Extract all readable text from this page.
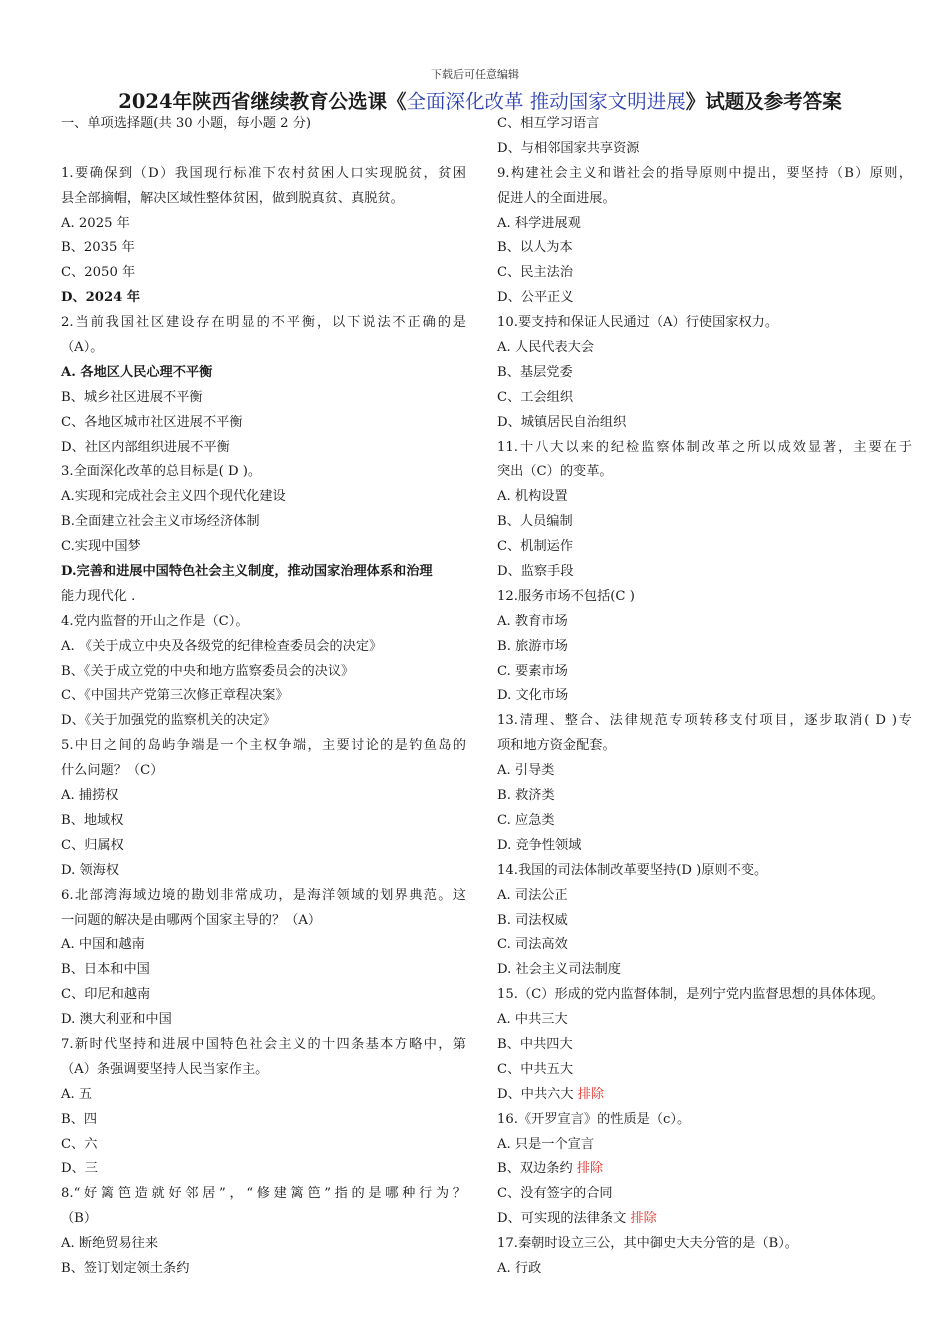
下载后可任意编辑
2024年陕西省继续教育公选课《全面深化改革 推动国家文明进展》试题及参考答案
一、单项选择题(共 30 小题，每小题 2 分)
1.要确保到（D）我国现行标准下农村贫困人口实现脱贫，贫困
县全部摘帽，解决区域性整体贫困，做到脱真贫、真脱贫。
A. 2025 年
B、2035 年
C、2050 年
D、2024 年
2.当前我国社区建设存在明显的不平衡，以下说法不正确的是
（A）。
A. 各地区人民心理不平衡
B、城乡社区进展不平衡
C、各地区城市社区进展不平衡
D、社区内部组织进展不平衡
3.全面深化改革的总目标是( D )。
A.实现和完成社会主义四个现代化建设
B.全面建立社会主义市场经济体制
C.实现中国梦
D.完善和进展中国特色社会主义制度，推动国家治理体系和治理
能力现代化 .
4.党内监督的开山之作是（C）。
A. 《关于成立中央及各级党的纪律检查委员会的决定》
B、《关于成立党的中央和地方监察委员会的决议》
C、《中国共产党第三次修正章程决案》
D、《关于加强党的监察机关的决定》
5.中日之间的岛屿争端是一个主权争端，主要讨论的是钓鱼岛的
什么问题？（C）
A. 捕捞权
B、地域权
C、归属权
D. 领海权
6.北部湾海域边境的勘划非常成功，是海洋领域的划界典范。这
一问题的解决是由哪两个国家主导的？（A）
A. 中国和越南
B、日本和中国
C、印尼和越南
D. 澳大利亚和中国
7.新时代坚持和进展中国特色社会主义的十四条基本方略中，第
（A）条强调要坚持人民当家作主。
A. 五
B、四
C、六
D、三
8.“好篱笆造就好邻居”，“修建篱笆”指的是哪种行为？
（B）
A. 断绝贸易往来
B、签订划定领土条约
C、相互学习语言
D、与相邻国家共享资源
9.构建社会主义和谐社会的指导原则中提出，要坚持（B）原则，
促进人的全面进展。
A. 科学进展观
B、以人为本
C、民主法治
D、公平正义
10.要支持和保证人民通过（A）行使国家权力。
A. 人民代表大会
B、基层党委
C、工会组织
D、城镇居民自治组织
11.十八大以来的纪检监察体制改革之所以成效显著，主要在于
突出（C）的变革。
A. 机构设置
B、人员编制
C、机制运作
D、监察手段
12.服务市场不包括(C )
A. 教育市场
B. 旅游市场
C. 要素市场
D. 文化市场
13.清理、整合、法律规范专项转移支付项目，逐步取消( D )专
项和地方资金配套。
A. 引导类
B. 救济类
C. 应急类
D. 竞争性领域
14.我国的司法体制改革要坚持(D )原则不变。
A. 司法公正
B. 司法权威
C. 司法高效
D. 社会主义司法制度
15.（C）形成的党内监督体制，是列宁党内监督思想的具体体现。
A. 中共三大
B、中共四大
C、中共五大
D、中共六大 排除
16.《开罗宣言》的性质是（c）。
A. 只是一个宣言
B、双边条约 排除
C、没有签字的合同
D、可实现的法律条文 排除
17.秦朝时设立三公，其中御史大夫分管的是（B）。
A. 行政
